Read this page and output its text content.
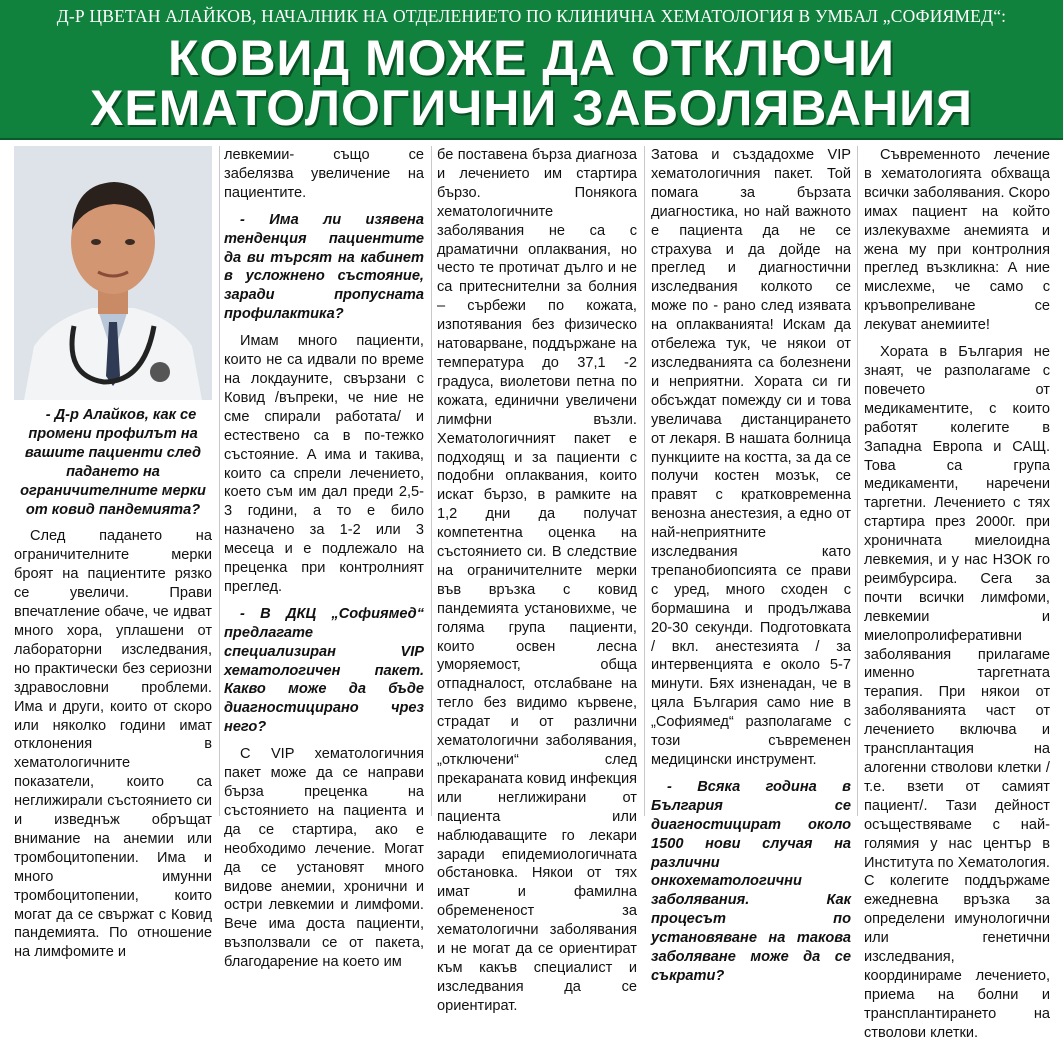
Д-Р ЦВЕТАН АЛАЙКОВ, НАЧАЛНИК НА ОТДЕЛЕНИЕТО ПО КЛИНИЧНА ХЕМАТОЛОГИЯ В УМБАЛ „СОФИЯМЕД“:
КОВИД МОЖЕ ДА ОТКЛЮЧИ
ХЕМАТОЛОГИЧНИ ЗАБОЛЯВАНИЯ

- Д-р Алайков, как се промени профилът на вашите пациенти след падането на ограничителните мерки от ковид пандемията?

След падането на ограничителните мерки броят на пациентите рязко се увеличи. Прави впечатление обаче, че идват много хора, уплашени от лабораторни изследвания, но практически без сериозни здравословни проблеми. Има и други, които от скоро или няколко години имат отклонения в хематологичните показатели, които са неглижирали състоянието си и изведнъж обръщат внимание на анемии или тромбоцитопении. Има и много имунни тромбоцитопении, които могат да се свържат с Ковид пандемията. По отношение на лимфомите и

левкемии- също се забелязва увеличение на пациентите.

- Има ли изявена тенденция пациентите да ви търсят на кабинет в усложнено състояние, заради пропусната профилактика?

Имам много пациенти, които не са идвали по време на локдауните, свързани с Ковид /въпреки, че ние не сме спирали работата/ и естествено са в по-тежко състояние. А има и такива, които са спрели лечението, което съм им дал преди 2,5-3 години, а то е било назначено за 1-2 или 3 месеца и е подлежало на преценка при контролният преглед.

- В ДКЦ „Софиямед“ предлагате специализиран VIP хематологичен пакет. Какво може да бъде диагностицирано чрез него?

С VIP хематологичния пакет може да се направи бърза преценка на състоянието на пациента и да се стартира, ако е необходимо лечение. Могат да се установят много видове анемии, хронични и остри левкемии и лимфоми. Вече има доста пациенти, възползвали се от пакета, благодарение на което им

бе поставена бърза диагноза и лечението им стартира бързо. Понякога хематологичните заболявания не са с драматични оплаквания, но често те протичат дълго и не са притеснителни за болния – сърбежи по кожата, изпотявания без физическо натоварване, поддържане на температура до 37,1 -2 градуса, виолетови петна по кожата, единични увеличени лимфни възли. Хематологичният пакет е подходящ и за пациенти с подобни оплаквания, които искат бързо, в рамките на 1,2 дни да получат компетентна оценка на състоянието си. В следствие на ограничителните мерки във връзка с ковид пандемията установихме, че голяма група пациенти, които освен лесна уморяемост, обща отпадналост, отслабване на тегло без видимо кървене, страдат и от различни хематологични заболявания, „отключени“ след прекараната ковид инфекция или неглижирани от пациента или наблюдаващите го лекари заради епидемиологичната обстановка. Някои от тях имат и фамилна обремененост за хематологични заболявания и не могат да се ориентират към какъв специалист и изследвания да се ориентират.

Затова и създадохме VIP хематологичния пакет. Той помага за бързата диагностика, но най важното е пациента да не се страхува и да дойде на преглед и диагностични изследвания колкото се може по - рано след изявата на оплакванията! Искам да отбележа тук, че някои от изследванията са болезнени и неприятни. Хората си ги обсъждат помежду си и това увеличава дистанцирането от лекаря. В нашата болница пункциите на костта, за да се получи костен мозък, се правят с кратковременна венозна анестезия, а едно от най-неприятните изследвания като трепанобиопсията се прави с уред, много сходен с бормашина и продължава 20-30 секунди. Подготовката / вкл. анестезията / за интервенцията е около 5-7 минути. Бях изненадан, че в цяла България само ние в „Софиямед“ разполагаме с този съвременен медицински инструмент.

- Всяка година в България се диагностицират около 1500 нови случая на различни онкохематологични заболявания. Как процесът по установяване на такова заболяване може да се съкрати?

Съвременното лечение в хематологията обхваща всички заболявания. Скоро имах пациент на който излекувахме анемията и жена му при контролния преглед възкликна: А ние мислехме, че само с кръвопреливане се лекуват анемиите!

Хората в България не знаят, че разполагаме с повечето от медикаментите, с които работят колегите в Западна Европа и САЩ. Това са група медикаменти, наречени таргетни. Лечението с тях стартира през 2000г. при хроничната миелоидна левкемия, и у нас НЗОК го реимбурсира. Сега за почти всички лимфоми, левкемии и миелопролиферативни заболявания прилагаме именно таргетната терапия. При някои от заболяванията част от лечението включва и трансплантация на алогенни стволови клетки /т.е. взети от самият пациент/. Тази дейност осъществяваме с най-голямия у нас център в Института по Хематология. С колегите поддържаме ежедневна връзка за определени имунологични или генетични изследвания, координираме лечението, приема на болни и трансплантирането на стволови клетки.
